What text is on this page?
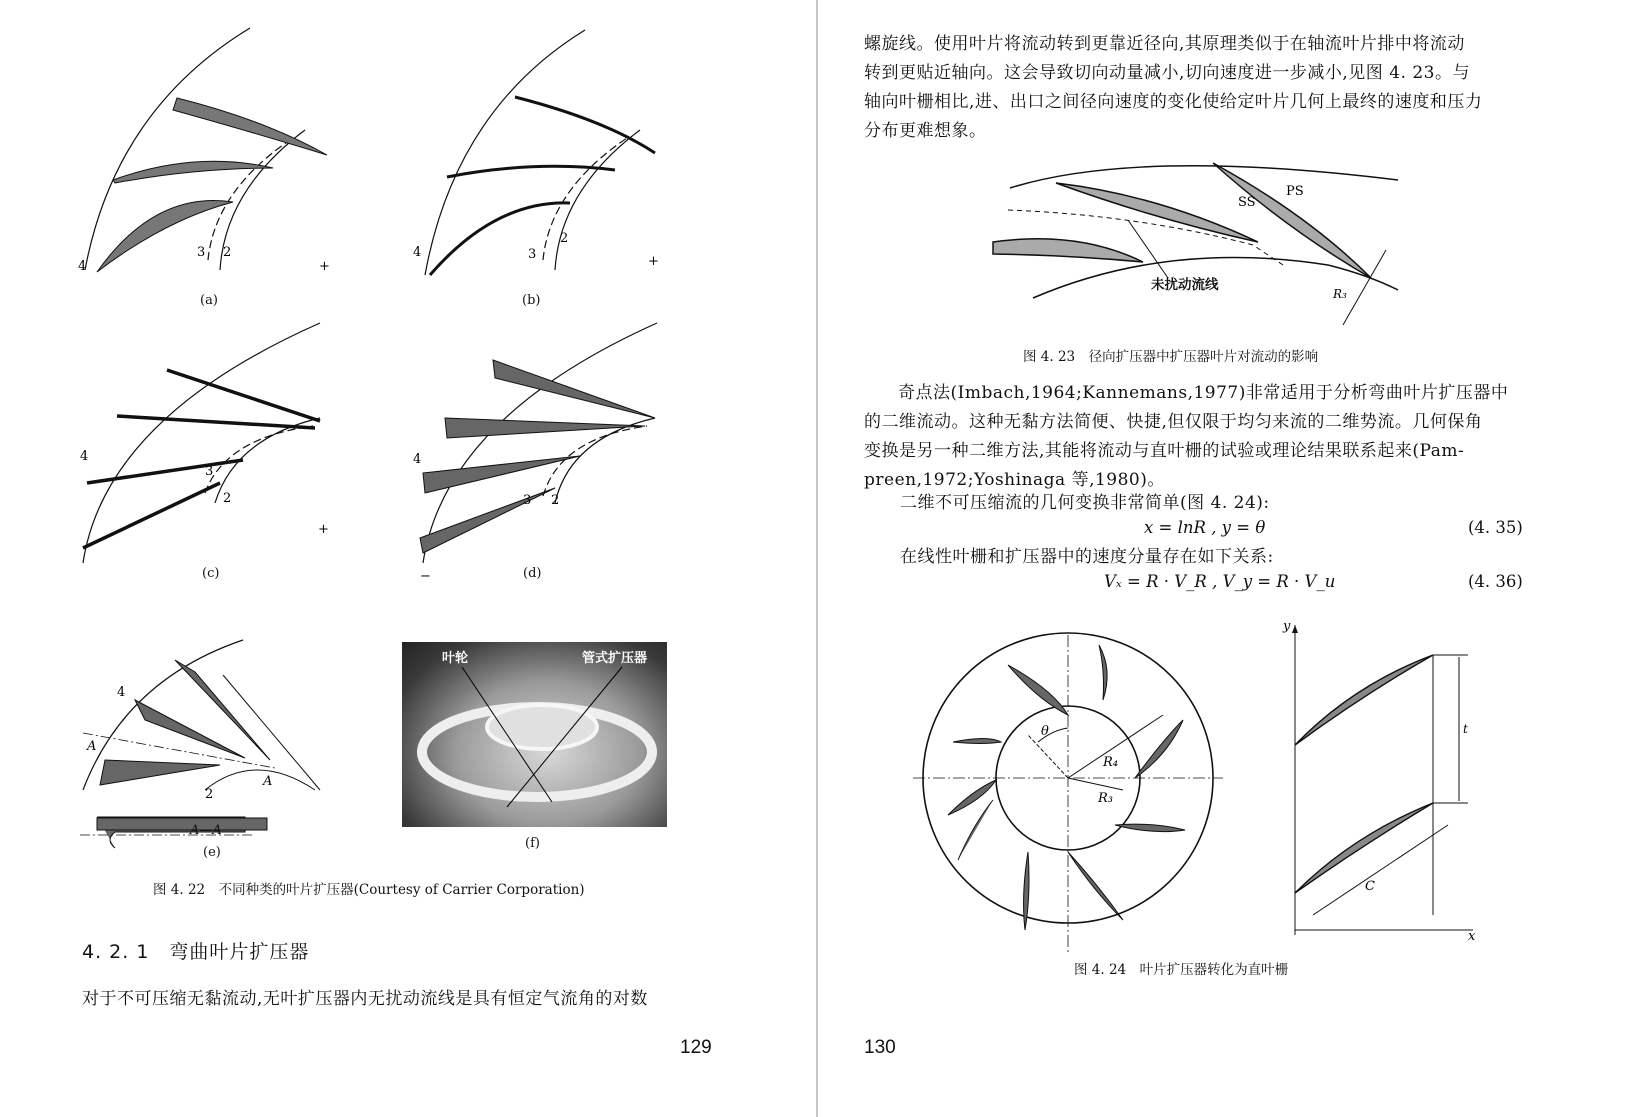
4
3 2
+
(a)
4	3
2
+
(b)
4
3
2
+
(c)
4
3 2
−	(d)
4
A
A
2
A—A
(e)
叶轮	管式扩压器
(f)
图 4. 22　不同种类的叶片扩压器(Courtesy of Carrier Corporation)
4. 2. 1　弯曲叶片扩压器
对于不可压缩无黏流动,无叶扩压器内无扰动流线是具有恒定气流角的对数
129
螺旋线。使用叶片将流动转到更靠近径向,其原理类似于在轴流叶片排中将流动
转到更贴近轴向。这会导致切向动量减小,切向速度进一步减小,见图 4. 23。与
轴向叶栅相比,进、出口之间径向速度的变化使给定叶片几何上最终的速度和压力
分布更难想象。
SS
PS
R₃
未扰动流线
图 4. 23　径向扩压器中扩压器叶片对流动的影响
奇点法(Imbach,1964;Kannemans,1977)非常适用于分析弯曲叶片扩压器中
的二维流动。这种无黏方法简便、快捷,但仅限于均匀来流的二维势流。几何保角
变换是另一种二维方法,其能将流动与直叶栅的试验或理论结果联系起来(Pam-
preen,1972;Yoshinaga 等,1980)。
二维不可压缩流的几何变换非常简单(图 4. 24):
x = lnR , y = θ	(4. 35)
在线性叶栅和扩压器中的速度分量存在如下关系:
Vₓ = R · V_R , V_y = R · V_u	(4. 36)
θ
R₄
R₃
y
x
t
C
图 4. 24　叶片扩压器转化为直叶栅
130
